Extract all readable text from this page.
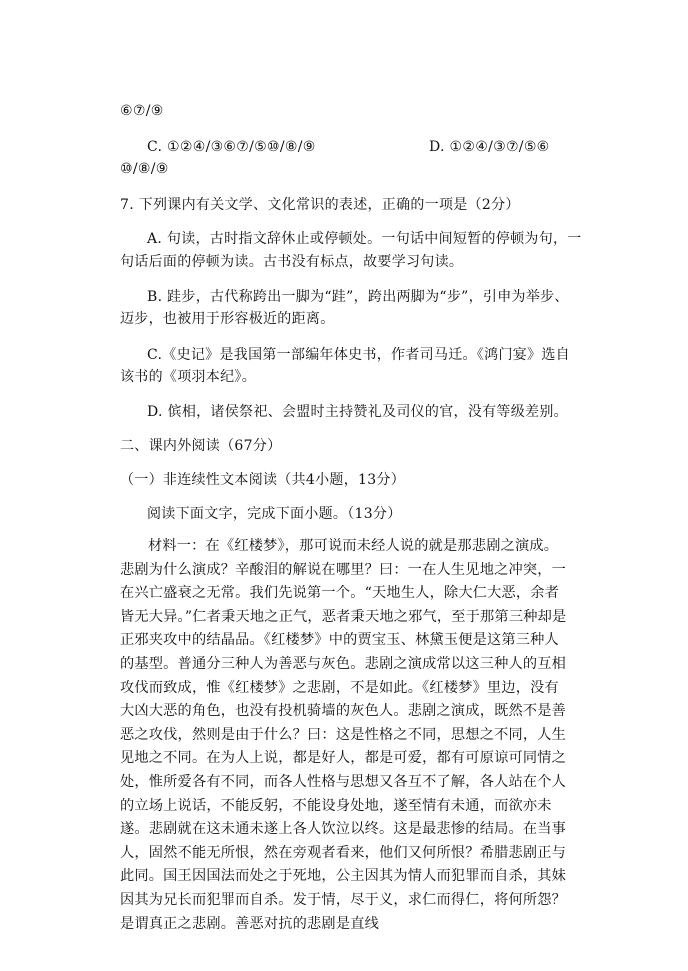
⑥⑦/⑨
C. ①②④/③⑥⑦/⑤⑩/⑧/⑨	D. ①②④/③⑦/⑤⑥
⑩/⑧/⑨
7. 下列课内有关文学、文化常识的表述，正确的一项是（2分）
A. 句读，古时指文辞休止或停顿处。一句话中间短暂的停顿为句，一
句话后面的停顿为读。古书没有标点，故要学习句读。
B. 跬步，古代称跨出一脚为“跬”，跨出两脚为“步”，引申为举步、
迈步，也被用于形容极近的距离。
C.《史记》是我国第一部编年体史书，作者司马迁。《鸿门宴》选自
该书的《项羽本纪》。
D. 傧相，诸侯祭祀、会盟时主持赞礼及司仪的官，没有等级差别。
二、课内外阅读（67分）
（一）非连续性文本阅读（共4小题，13分）
阅读下面文字，完成下面小题。（13分）
材料一：在《红楼梦》，那可说而未经人说的就是那悲剧之演成。悲剧为什么演成？辛酸泪的解说在哪里？曰：一在人生见地之冲突，一在兴亡盛衰之无常。我们先说第一个。“天地生人，除大仁大恶，余者皆无大异。”仁者秉天地之正气，恶者秉天地之邪气，至于那第三种却是正邪夹攻中的结晶品。《红楼梦》中的贾宝玉、林黛玉便是这第三种人的基型。普通分三种人为善恶与灰色。悲剧之演成常以这三种人的互相攻伐而致成，惟《红楼梦》之悲剧，不是如此。《红楼梦》里边，没有大凶大恶的角色，也没有投机骑墙的灰色人。悲剧之演成，既然不是善恶之攻伐，然则是由于什么？曰：这是性格之不同，思想之不同，人生见地之不同。在为人上说，都是好人，都是可爱，都有可原谅可同情之处，惟所爱各有不同，而各人性格与思想又各互不了解，各人站在个人的立场上说话，不能反躬，不能设身处地，遂至情有未通，而欲亦未遂。悲剧就在这未通未遂上各人饮泣以终。这是最悲惨的结局。在当事人，固然不能无所恨，然在旁观者看来，他们又何所恨？希腊悲剧正与此同。国王因国法而处之于死地，公主因其为情人而犯罪而自杀，其妹因其为兄长而犯罪而自杀。发于情，尽于义，求仁而得仁，将何所怨？是谓真正之悲剧。善恶对抗的悲剧是直线
